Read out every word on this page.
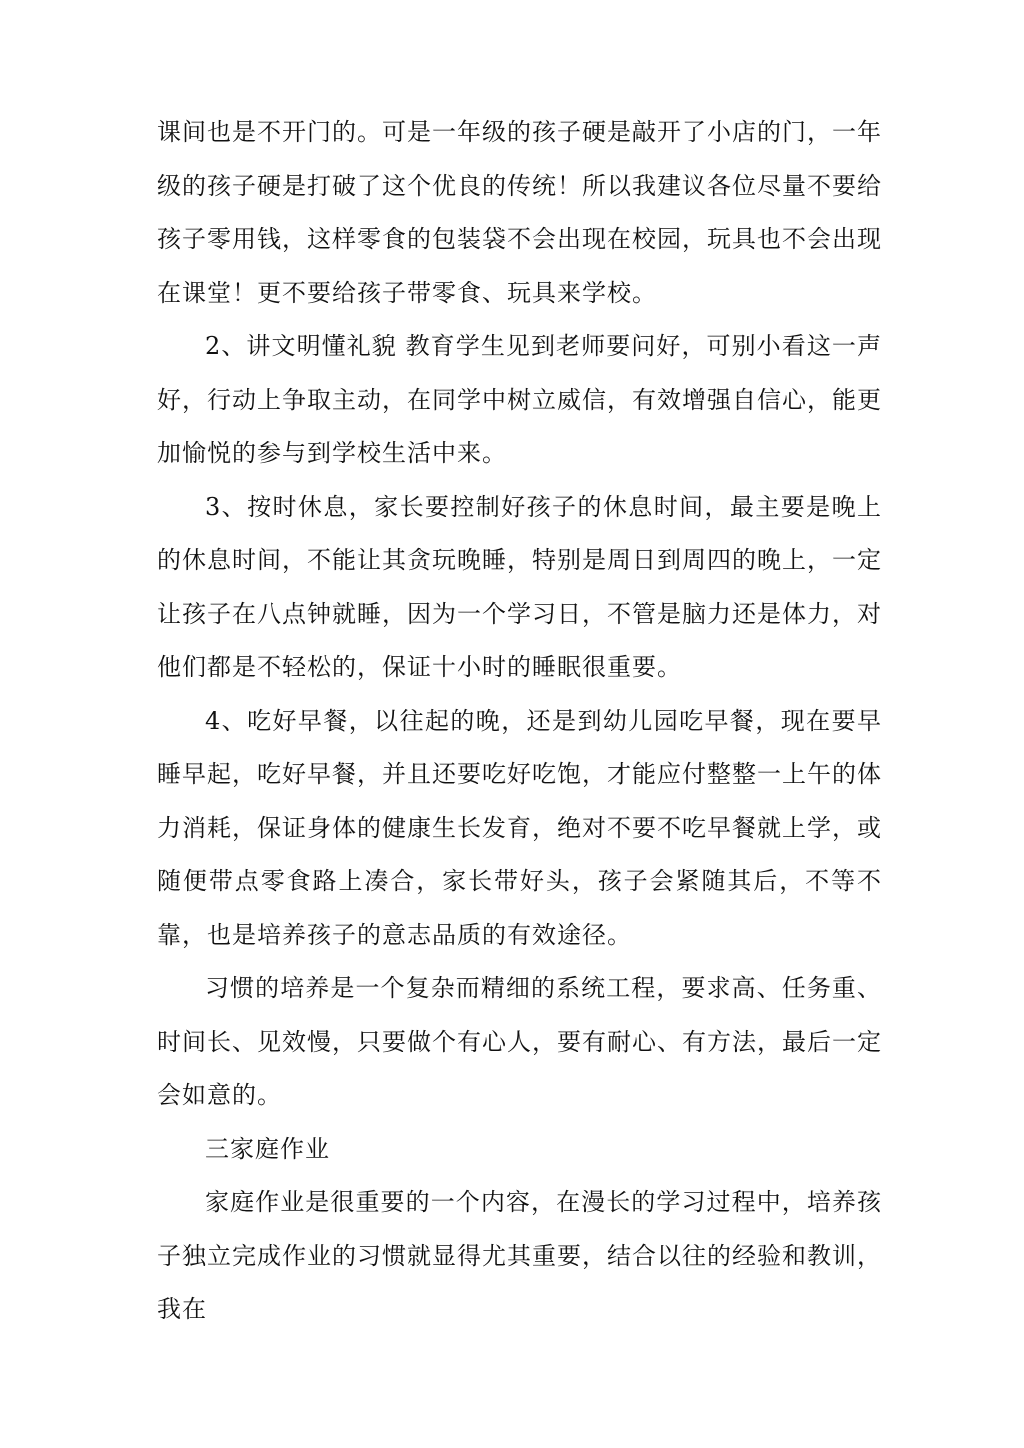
课间也是不开门的。可是一年级的孩子硬是敲开了小店的门，一年级的孩子硬是打破了这个优良的传统！所以我建议各位尽量不要给孩子零用钱，这样零食的包装袋不会出现在校园，玩具也不会出现在课堂！更不要给孩子带零食、玩具来学校。

2、讲文明懂礼貌 教育学生见到老师要问好，可别小看这一声好，行动上争取主动，在同学中树立威信，有效增强自信心，能更加愉悦的参与到学校生活中来。

3、按时休息，家长要控制好孩子的休息时间，最主要是晚上的休息时间，不能让其贪玩晚睡，特别是周日到周四的晚上，一定让孩子在八点钟就睡，因为一个学习日，不管是脑力还是体力，对他们都是不轻松的，保证十小时的睡眠很重要。

4、吃好早餐，以往起的晚，还是到幼儿园吃早餐，现在要早睡早起，吃好早餐，并且还要吃好吃饱，才能应付整整一上午的体力消耗，保证身体的健康生长发育，绝对不要不吃早餐就上学，或随便带点零食路上凑合，家长带好头，孩子会紧随其后，不等不靠，也是培养孩子的意志品质的有效途径。

习惯的培养是一个复杂而精细的系统工程，要求高、任务重、时间长、见效慢，只要做个有心人，要有耐心、有方法，最后一定会如意的。

三家庭作业

家庭作业是很重要的一个内容，在漫长的学习过程中，培养孩子独立完成作业的习惯就显得尤其重要，结合以往的经验和教训，我在
